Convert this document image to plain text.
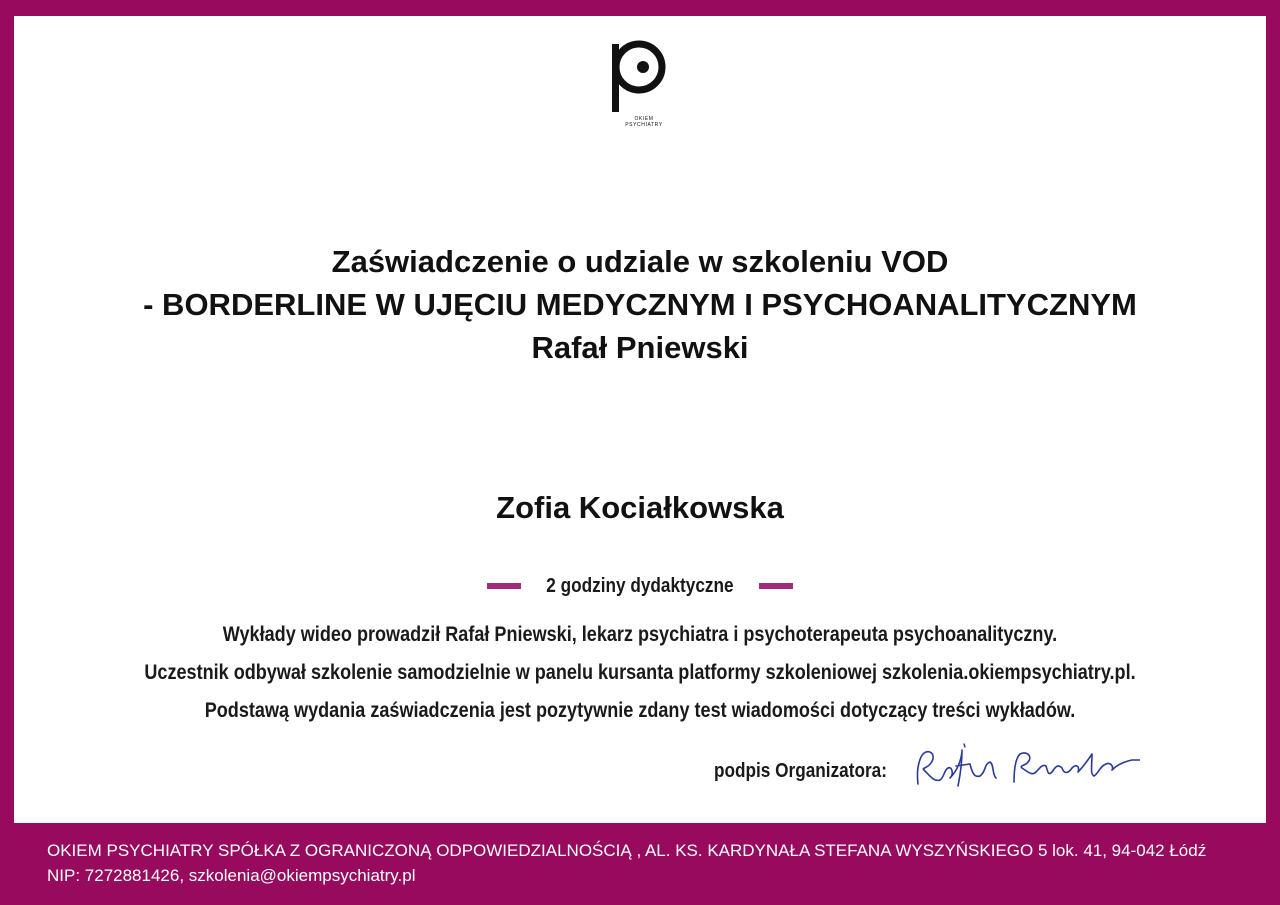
OKIEM
PSYCHIATRY
Zaświadczenie o udziale w szkoleniu VOD
- BORDERLINE W UJĘCIU MEDYCZNYM I PSYCHOANALITYCZNYM
Rafał Pniewski
Zofia Kociałkowska
2 godziny dydaktyczne
Wykłady wideo prowadził Rafał Pniewski, lekarz psychiatra i psychoterapeuta psychoanalityczny.
Uczestnik odbywał szkolenie samodzielnie w panelu kursanta platformy szkoleniowej szkolenia.okiempsychiatry.pl.
Podstawą wydania zaświadczenia jest pozytywnie zdany test wiadomości dotyczący treści wykładów.
podpis Organizatora:
OKIEM PSYCHIATRY SPÓŁKA Z OGRANICZONĄ ODPOWIEDZIALNOŚCIĄ , AL. KS. KARDYNAŁA STEFANA WYSZYŃSKIEGO 5 lok. 41, 94-042 Łódź
NIP: 7272881426, szkolenia@okiempsychiatry.pl
